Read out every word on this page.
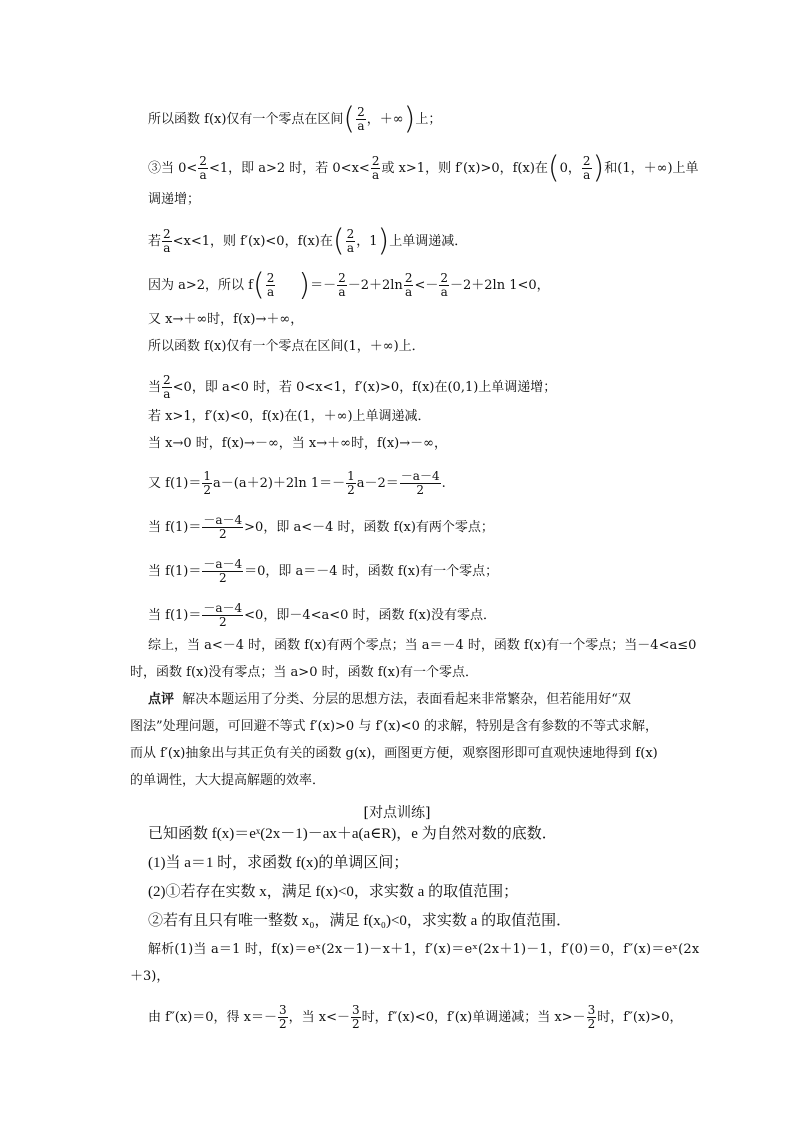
所以函数 f(x)仅有一个零点在区间( $\frac{2}{a}$ ，＋∞)上；
③当 $0< \frac{2}{a} <1$，即 a>2 时，若 $0<x< \frac{2}{a}$ 或 x>1，则 f′(x)>0，f(x)在(0， $\frac{2}{a}$ )和(1，＋∞)上单
调递增；
若 $\frac{2}{a} <x<1$，则 f′(x)<0，f(x)在( $\frac{2}{a}$ ，1)上单调递减．
因为 a>2，所以 $f( \frac{2}{a}$ )＝－ $\frac{2}{a} -2+2\ln \frac{2}{a} <- \frac{2}{a} -2+2\ln$ 1<0，
又 x→＋∞时，f(x)→＋∞，
所以函数 f(x)仅有一个零点在区间(1，＋∞)上．
当 $\frac{2}{a} <0$，即 a<0 时，若 0<x<1，f′(x)>0，f(x)在(0,1)上单调递增；
若 x>1，f′(x)<0，f(x)在(1，＋∞)上单调递减．
当 x→0 时，f(x)→－∞，当 x→＋∞时，f(x)→－∞，
又 $f(1)= \frac{1}{2} a-(a+2)+2\ln$ $1=- \frac{1}{2} a-2= \frac{-a-4}{2}$ .
当 $f(1)= \frac{-a-4}{2} >0$，即 a<－4 时，函数 f(x)有两个零点；
当 $f(1)= \frac{-a-4}{2} =0$，即 a＝－4 时，函数 f(x)有一个零点；
当 $f(1)= \frac{-a-4}{2} <0$，即－4<a<0 时，函数 f(x)没有零点．
综上，当 a<－4 时，函数 f(x)有两个零点；当 a＝－4 时，函数 f(x)有一个零点；当－4<a≤0
时，函数 f(x)没有零点；当 a>0 时，函数 f(x)有一个零点．
点评 解决本题运用了分类、分层的思想方法，表面看起来非常繁杂，但若能用好“双
图法”处理问题，可回避不等式 f′(x)>0 与 f′(x)<0 的求解，特别是含有参数的不等式求解，
而从 f′(x)抽象出与其正负有关的函数 g(x)，画图更方便，观察图形即可直观快速地得到 f(x)
的单调性，大大提高解题的效率．
[对点训练]
已知函数 f(x)＝eˣ(2x－1)－ax＋a(a∈R)，e 为自然对数的底数．
(1)当 a＝1 时，求函数 f(x)的单调区间；
(2)①若存在实数 x，满足 f(x)<0，求实数 a 的取值范围；
②若有且只有唯一整数 x₀，满足 f(x₀)<0，求实数 a 的取值范围．
解析(1)当 a＝1 时，f(x)＝eˣ(2x－1)－x＋1，f′(x)＝eˣ(2x＋1)－1，f′(0)＝0，f″(x)＝eˣ(2x
＋3)，
由 f″(x)＝0，得 $x=- \frac{3}{2}$ ，当 $x<- \frac{3}{2}$ 时，f″(x)<0，f′(x)单调递减；当 $x>- \frac{3}{2}$ 时，f″(x)>0，
